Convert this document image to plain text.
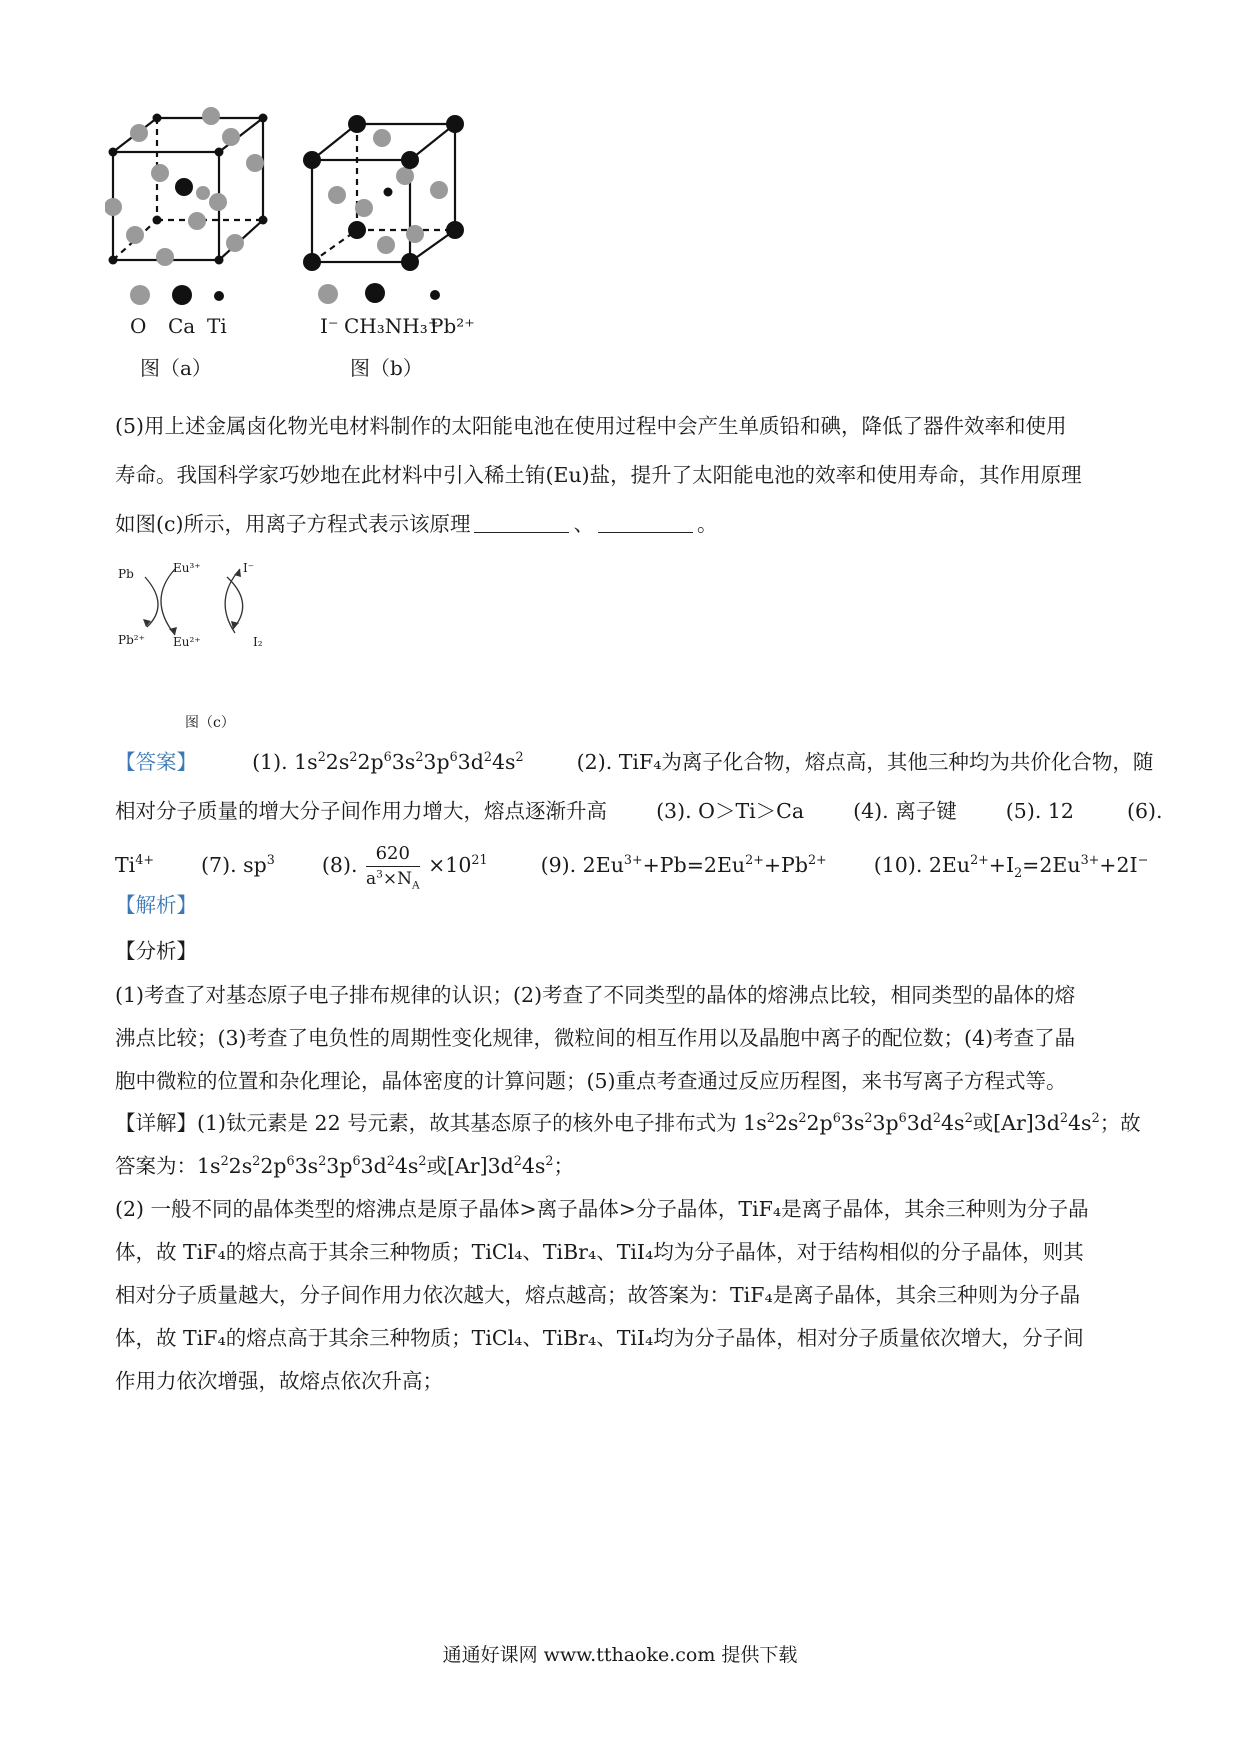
O Ca Ti
图（a）
I⁻ CH₃NH₃⁺
Pb²⁺
图（b）
(5)用上述金属卤化物光电材料制作的太阳能电池在使用过程中会产生单质铅和碘，降低了器件效率和使用
寿命。我国科学家巧妙地在此材料中引入稀土铕(Eu)盐，提升了太阳能电池的效率和使用寿命，其作用原理
如图(c)所示，用离子方程式表示该原理	、	。
Pb	Eu³⁺	I⁻
Pb²⁺ Eu²⁺	I₂
图（c）
【答案】	(1). $1s^22s^22p^63s^23p^63d^24s^2$	(2). TiF₄为离子化合物，熔点高，其他三种均为共价化合物，随
相对分子质量的增大分子间作用力增大，熔点逐渐升高 (3). O＞Ti＞Ca (4). 离子键 (5). 12	(6).
$Ti^{4+}$ (7). $sp^3$ (8). $\frac{620}{a^3\times N_A} \times 10^{21}$	(9). $2Eu^{3+}+Pb=2Eu^{2+}+Pb^{2+}$ (10). $2Eu^{2+}+I_2=2Eu^{3+}+2I^-$
【解析】
【分析】
(1)考查了对基态原子电子排布规律的认识；(2)考查了不同类型的晶体的熔沸点比较，相同类型的晶体的熔
沸点比较；(3)考查了电负性的周期性变化规律，微粒间的相互作用以及晶胞中离子的配位数；(4)考查了晶
胞中微粒的位置和杂化理论，晶体密度的计算问题；(5)重点考查通过反应历程图，来书写离子方程式等。
【详解】(1)钛元素是 22 号元素，故其基态原子的核外电子排布式为 $1s^22s^22p^63s^23p^63d^24s^2$或$[Ar]3d^24s^2$；故
答案为：$1s^22s^22p^63s^23p^63d^24s^2$或$[Ar]3d^24s^2$；
(2) 一般不同的晶体类型的熔沸点是原子晶体>离子晶体>分子晶体，TiF₄是离子晶体，其余三种则为分子晶
体，故 TiF₄的熔点高于其余三种物质；TiCl₄、TiBr₄、TiI₄均为分子晶体，对于结构相似的分子晶体，则其
相对分子质量越大，分子间作用力依次越大，熔点越高；故答案为：TiF₄是离子晶体，其余三种则为分子晶
体，故 TiF₄的熔点高于其余三种物质；TiCl₄、TiBr₄、TiI₄均为分子晶体，相对分子质量依次增大，分子间
作用力依次增强，故熔点依次升高；
通通好课网 www.tthaoke.com 提供下载
